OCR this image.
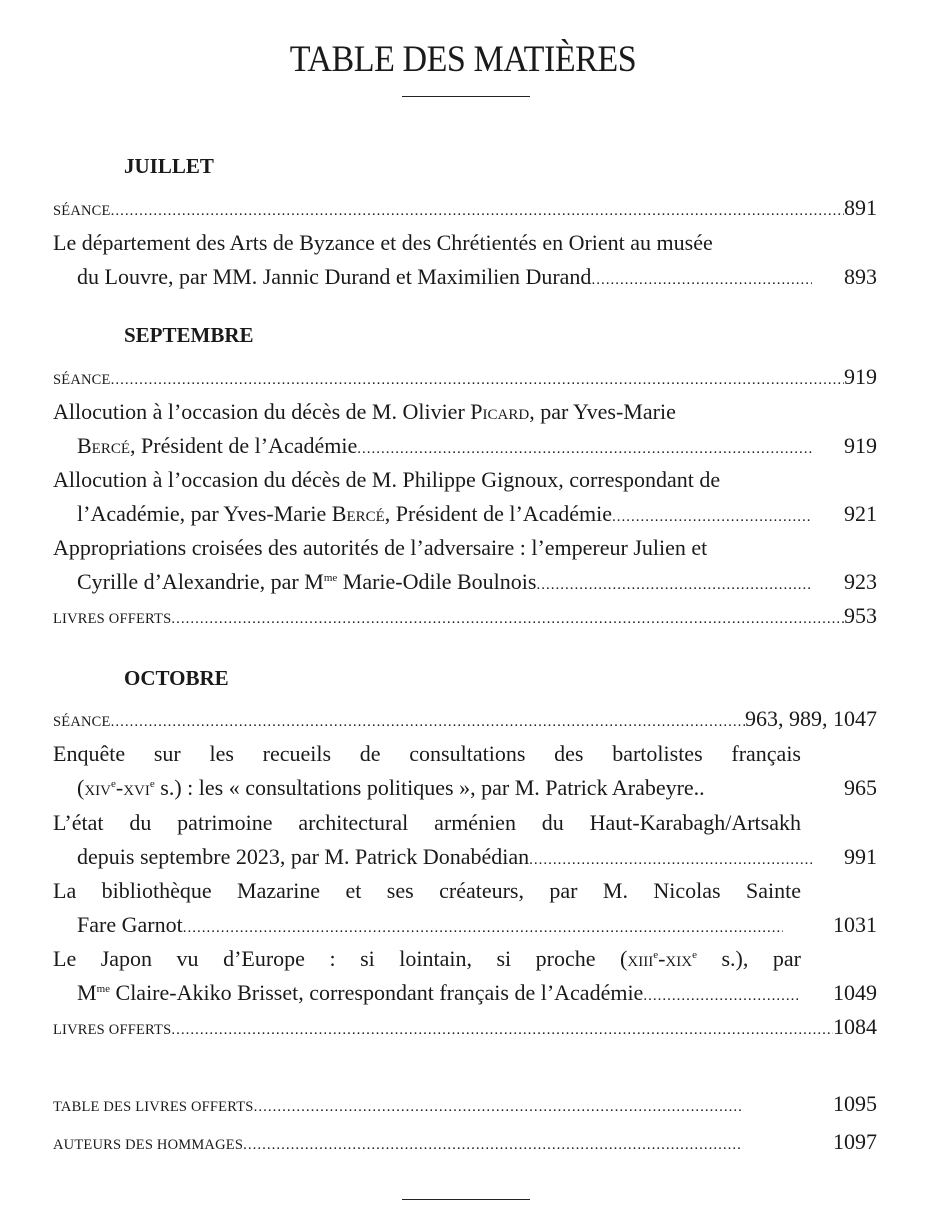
TABLE DES MATIÈRES
JUILLET
SÉANCE .....	891
Le département des Arts de Byzance et des Chrétientés en Orient au musée
du Louvre, par MM. Jannic Durand et Maximilien Durand .....	893
SEPTEMBRE
SÉANCE .....	919
Allocution à l’occasion du décès de M. Olivier Picard, par Yves-Marie
Bercé, Président de l’Académie .....	919
Allocution à l’occasion du décès de M. Philippe Gignoux, correspondant de
l’Académie, par Yves-Marie Bercé, Président de l’Académie .....	921
Appropriations croisées des autorités de l’adversaire : l’empereur Julien et
Cyrille d’Alexandrie, par $M^{me}$ Marie-Odile Boulnois .....	923
LIVRES OFFERTS .....	953
OCTOBRE
SÉANCE .....	963, 989, 1047
Enquête sur les recueils de consultations des bartolistes français
(xiv$^e$-xvi$^e$ s.) : les « consultations politiques », par M. Patrick Arabeyre..	965
L’état du patrimoine architectural arménien du Haut-Karabagh/Artsakh
depuis septembre 2023, par M. Patrick Donabédian .....	991
La bibliothèque Mazarine et ses créateurs, par M. Nicolas Sainte
Fare Garnot .....	1031
Le Japon vu d’Europe : si lointain, si proche (xiii$^e$-xix$^e$ s.), par
$M^{me}$ Claire-Akiko Brisset, correspondant français de l’Académie .....	1049
LIVRES OFFERTS .....	1084
TABLE DES LIVRES OFFERTS .....	1095
AUTEURS DES HOMMAGES .....	1097
